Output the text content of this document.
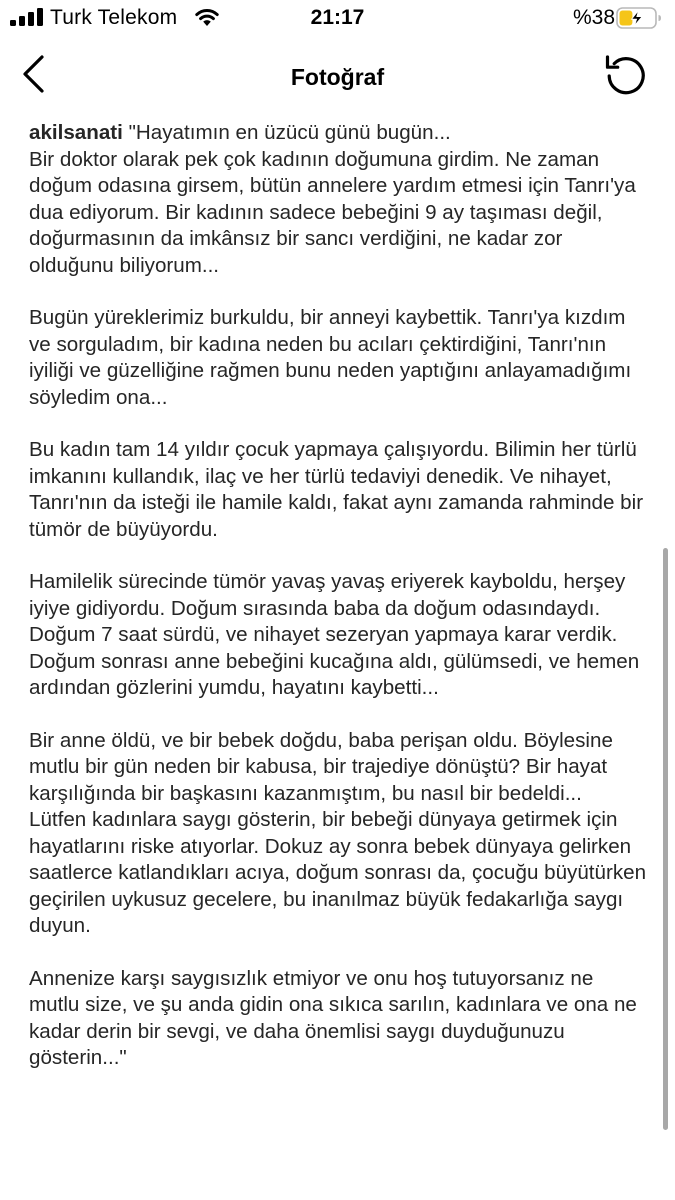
Turk Telekom	21:17	%38
Fotoğraf

akilsanati "Hayatımın en üzücü günü bugün...
Bir doktor olarak pek çok kadının doğumuna girdim. Ne zaman doğum odasına girsem, bütün annelere yardım etmesi için Tanrı'ya dua ediyorum. Bir kadının sadece bebeğini 9 ay taşıması değil, doğurmasının da imkânsız bir sancı verdiğini, ne kadar zor olduğunu biliyorum...

Bugün yüreklerimiz burkuldu, bir anneyi kaybettik. Tanrı'ya kızdım ve sorguladım, bir kadına neden bu acıları çektirdiğini, Tanrı'nın iyiliği ve güzelliğine rağmen bunu neden yaptığını anlayamadığımı söyledim ona...

Bu kadın tam 14 yıldır çocuk yapmaya çalışıyordu. Bilimin her türlü imkanını kullandık, ilaç ve her türlü tedaviyi denedik. Ve nihayet, Tanrı'nın da isteği ile hamile kaldı, fakat aynı zamanda rahminde bir tümör de büyüyordu.

Hamilelik sürecinde tümör yavaş yavaş eriyerek kayboldu, herşey iyiye gidiyordu. Doğum sırasında baba da doğum odasındaydı. Doğum 7 saat sürdü, ve nihayet sezeryan yapmaya karar verdik. Doğum sonrası anne bebeğini kucağına aldı, gülümsedi, ve hemen ardından gözlerini yumdu, hayatını kaybetti...

Bir anne öldü, ve bir bebek doğdu, baba perişan oldu. Böylesine mutlu bir gün neden bir kabusa, bir trajediye dönüştü? Bir hayat karşılığında bir başkasını kazanmıştım, bu nasıl bir bedeldi...
Lütfen kadınlara saygı gösterin, bir bebeği dünyaya getirmek için hayatlarını riske atıyorlar. Dokuz ay sonra bebek dünyaya gelirken saatlerce katlandıkları acıya, doğum sonrası da, çocuğu büyütürken geçirilen uykusuz gecelere, bu inanılmaz büyük fedakarlığa saygı duyun.

Annenize karşı saygısızlık etmiyor ve onu hoş tutuyorsanız ne mutlu size, ve şu anda gidin ona sıkıca sarılın, kadınlara ve ona ne kadar derin bir sevgi, ve daha önemlisi saygı duyduğunuzu gösterin..."
